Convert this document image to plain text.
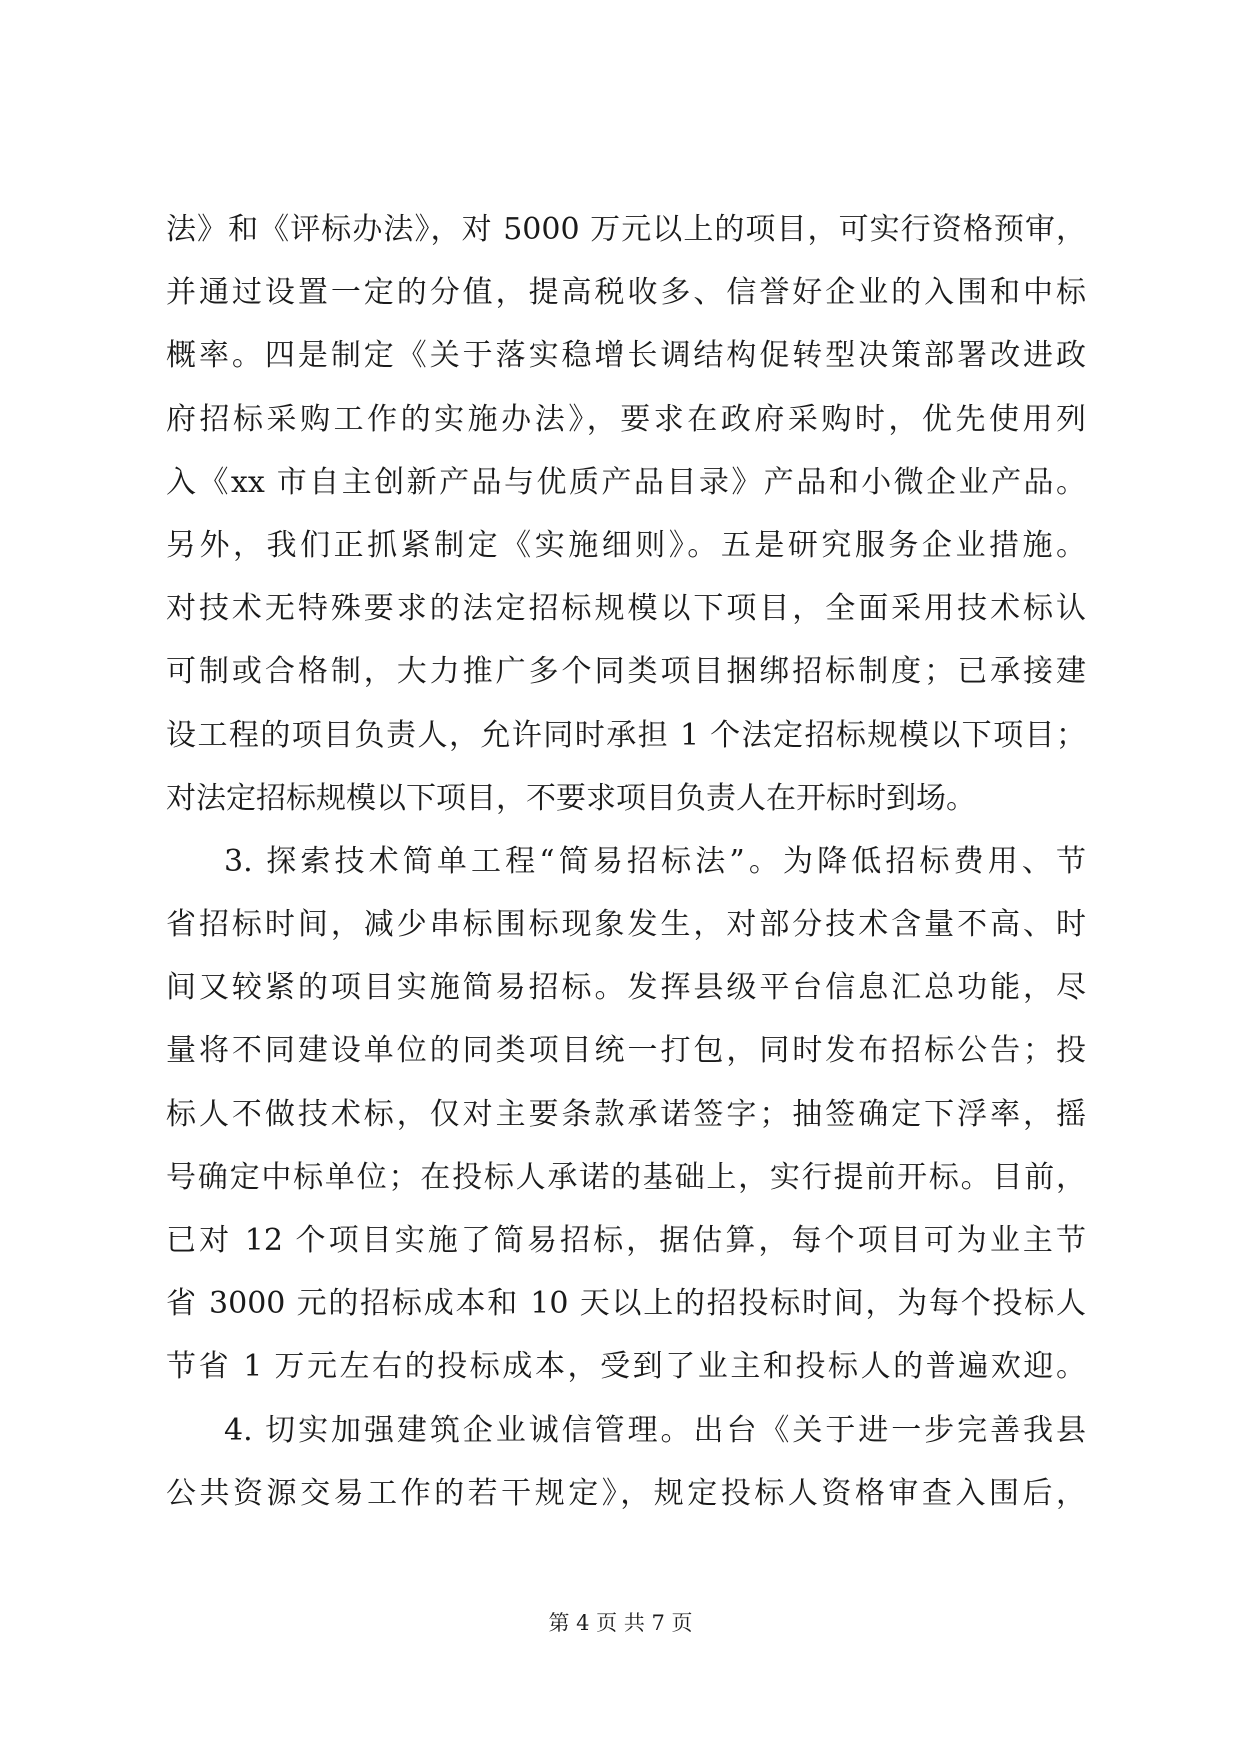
法》和《评标办法》，对 5000 万元以上的项目，可实行资格预审，
并通过设置一定的分值，提高税收多、信誉好企业的入围和中标
概率。四是制定《关于落实稳增长调结构促转型决策部署改进政
府招标采购工作的实施办法》，要求在政府采购时，优先使用列
入《xx 市自主创新产品与优质产品目录》产品和小微企业产品。
另外，我们正抓紧制定《实施细则》。五是研究服务企业措施。
对技术无特殊要求的法定招标规模以下项目，全面采用技术标认
可制或合格制，大力推广多个同类项目捆绑招标制度；已承接建
设工程的项目负责人，允许同时承担 1 个法定招标规模以下项目；
对法定招标规模以下项目，不要求项目负责人在开标时到场。
3. 探索技术简单工程“简易招标法”。为降低招标费用、节
省招标时间，减少串标围标现象发生，对部分技术含量不高、时
间又较紧的项目实施简易招标。发挥县级平台信息汇总功能，尽
量将不同建设单位的同类项目统一打包，同时发布招标公告；投
标人不做技术标，仅对主要条款承诺签字；抽签确定下浮率，摇
号确定中标单位；在投标人承诺的基础上，实行提前开标。目前，
已对 12 个项目实施了简易招标，据估算，每个项目可为业主节
省 3000 元的招标成本和 10 天以上的招投标时间，为每个投标人
节省 1 万元左右的投标成本，受到了业主和投标人的普遍欢迎。
4. 切实加强建筑企业诚信管理。出台《关于进一步完善我县
公共资源交易工作的若干规定》，规定投标人资格审查入围后，
第 4 页 共 7 页
